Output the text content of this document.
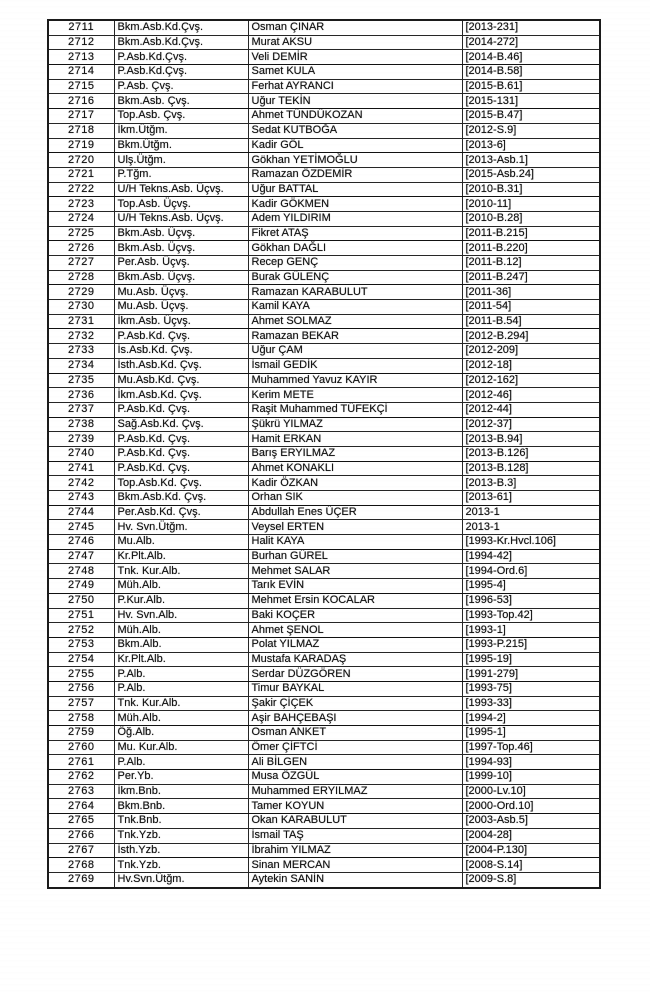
2711	Bkm.Asb.Kd.Çvş.	Osman ÇINAR	[2013-231]
2712	Bkm.Asb.Kd.Çvş.	Murat AKSU	[2014-272]
2713	P.Asb.Kd.Çvş.	Veli DEMİR	[2014-B.46]
2714	P.Asb.Kd.Çvş.	Samet KULA	[2014-B.58]
2715	P.Asb. Çvş.	Ferhat AYRANCI	[2015-B.61]
2716	Bkm.Asb. Çvş.	Uğur TEKİN	[2015-131]
2717	Top.Asb. Çvş.	Ahmet TÜNDÜKOZAN	[2015-B.47]
2718	İkm.Ütğm.	Sedat KUTBOĞA	[2012-S.9]
2719	Bkm.Ütğm.	Kadir GÖL	[2013-6]
2720	Ulş.Ütğm.	Gökhan YETİMOĞLU	[2013-Asb.1]
2721	P.Tğm.	Ramazan ÖZDEMİR	[2015-Asb.24]
2722	U/H Tekns.Asb. Üçvş.	Uğur BATTAL	[2010-B.31]
2723	Top.Asb. Üçvş.	Kadir GÖKMEN	[2010-11]
2724	U/H Tekns.Asb. Üçvş.	Adem YILDIRIM	[2010-B.28]
2725	Bkm.Asb. Üçvş.	Fikret ATAŞ	[2011-B.215]
2726	Bkm.Asb. Üçvş.	Gökhan DAĞLI	[2011-B.220]
2727	Per.Asb. Üçvş.	Recep GENÇ	[2011-B.12]
2728	Bkm.Asb. Üçvş.	Burak GÜLENÇ	[2011-B.247]
2729	Mu.Asb. Üçvş.	Ramazan KARABULUT	[2011-36]
2730	Mu.Asb. Üçvş.	Kamil KAYA	[2011-54]
2731	İkm.Asb. Üçvş.	Ahmet SOLMAZ	[2011-B.54]
2732	P.Asb.Kd. Çvş.	Ramazan BEKAR	[2012-B.294]
2733	İs.Asb.Kd. Çvş.	Uğur ÇAM	[2012-209]
2734	İsth.Asb.Kd. Çvş.	İsmail GEDİK	[2012-18]
2735	Mu.Asb.Kd. Çvş.	Muhammed Yavuz KAYIR	[2012-162]
2736	İkm.Asb.Kd. Çvş.	Kerim METE	[2012-46]
2737	P.Asb.Kd. Çvş.	Raşit Muhammed TÜFEKÇİ	[2012-44]
2738	Sağ.Asb.Kd. Çvş.	Şükrü YILMAZ	[2012-37]
2739	P.Asb.Kd. Çvş.	Hamit ERKAN	[2013-B.94]
2740	P.Asb.Kd. Çvş.	Barış ERYILMAZ	[2013-B.126]
2741	P.Asb.Kd. Çvş.	Ahmet KONAKLI	[2013-B.128]
2742	Top.Asb.Kd. Çvş.	Kadir ÖZKAN	[2013-B.3]
2743	Bkm.Asb.Kd. Çvş.	Orhan SIK	[2013-61]
2744	Per.Asb.Kd. Çvş.	Abdullah Enes ÜÇER	2013-1
2745	Hv. Svn.Ütğm.	Veysel ERTEN	2013-1
2746	Mu.Alb.	Halit KAYA	[1993-Kr.Hvcl.106]
2747	Kr.Plt.Alb.	Burhan GÜREL	[1994-42]
2748	Tnk. Kur.Alb.	Mehmet SALAR	[1994-Ord.6]
2749	Müh.Alb.	Tarık EVİN	[1995-4]
2750	P.Kur.Alb.	Mehmet Ersin KOCALAR	[1996-53]
2751	Hv. Svn.Alb.	Baki KOÇER	[1993-Top.42]
2752	Müh.Alb.	Ahmet ŞENOL	[1993-1]
2753	Bkm.Alb.	Polat YILMAZ	[1993-P.215]
2754	Kr.Plt.Alb.	Mustafa KARADAŞ	[1995-19]
2755	P.Alb.	Serdar DÜZGÖREN	[1991-279]
2756	P.Alb.	Timur BAYKAL	[1993-75]
2757	Tnk. Kur.Alb.	Şakir ÇİÇEK	[1993-33]
2758	Müh.Alb.	Aşir BAHÇEBAŞI	[1994-2]
2759	Öğ.Alb.	Osman ANKET	[1995-1]
2760	Mu. Kur.Alb.	Ömer ÇİFTCİ	[1997-Top.46]
2761	P.Alb.	Ali BİLGEN	[1994-93]
2762	Per.Yb.	Musa ÖZGÜL	[1999-10]
2763	İkm.Bnb.	Muhammed ERYILMAZ	[2000-Lv.10]
2764	Bkm.Bnb.	Tamer KOYUN	[2000-Ord.10]
2765	Tnk.Bnb.	Okan KARABULUT	[2003-Asb.5]
2766	Tnk.Yzb.	İsmail TAŞ	[2004-28]
2767	İsth.Yzb.	İbrahim YILMAZ	[2004-P.130]
2768	Tnk.Yzb.	Sinan MERCAN	[2008-S.14]
2769	Hv.Svn.Ütğm.	Aytekin SANİN	[2009-S.8]
